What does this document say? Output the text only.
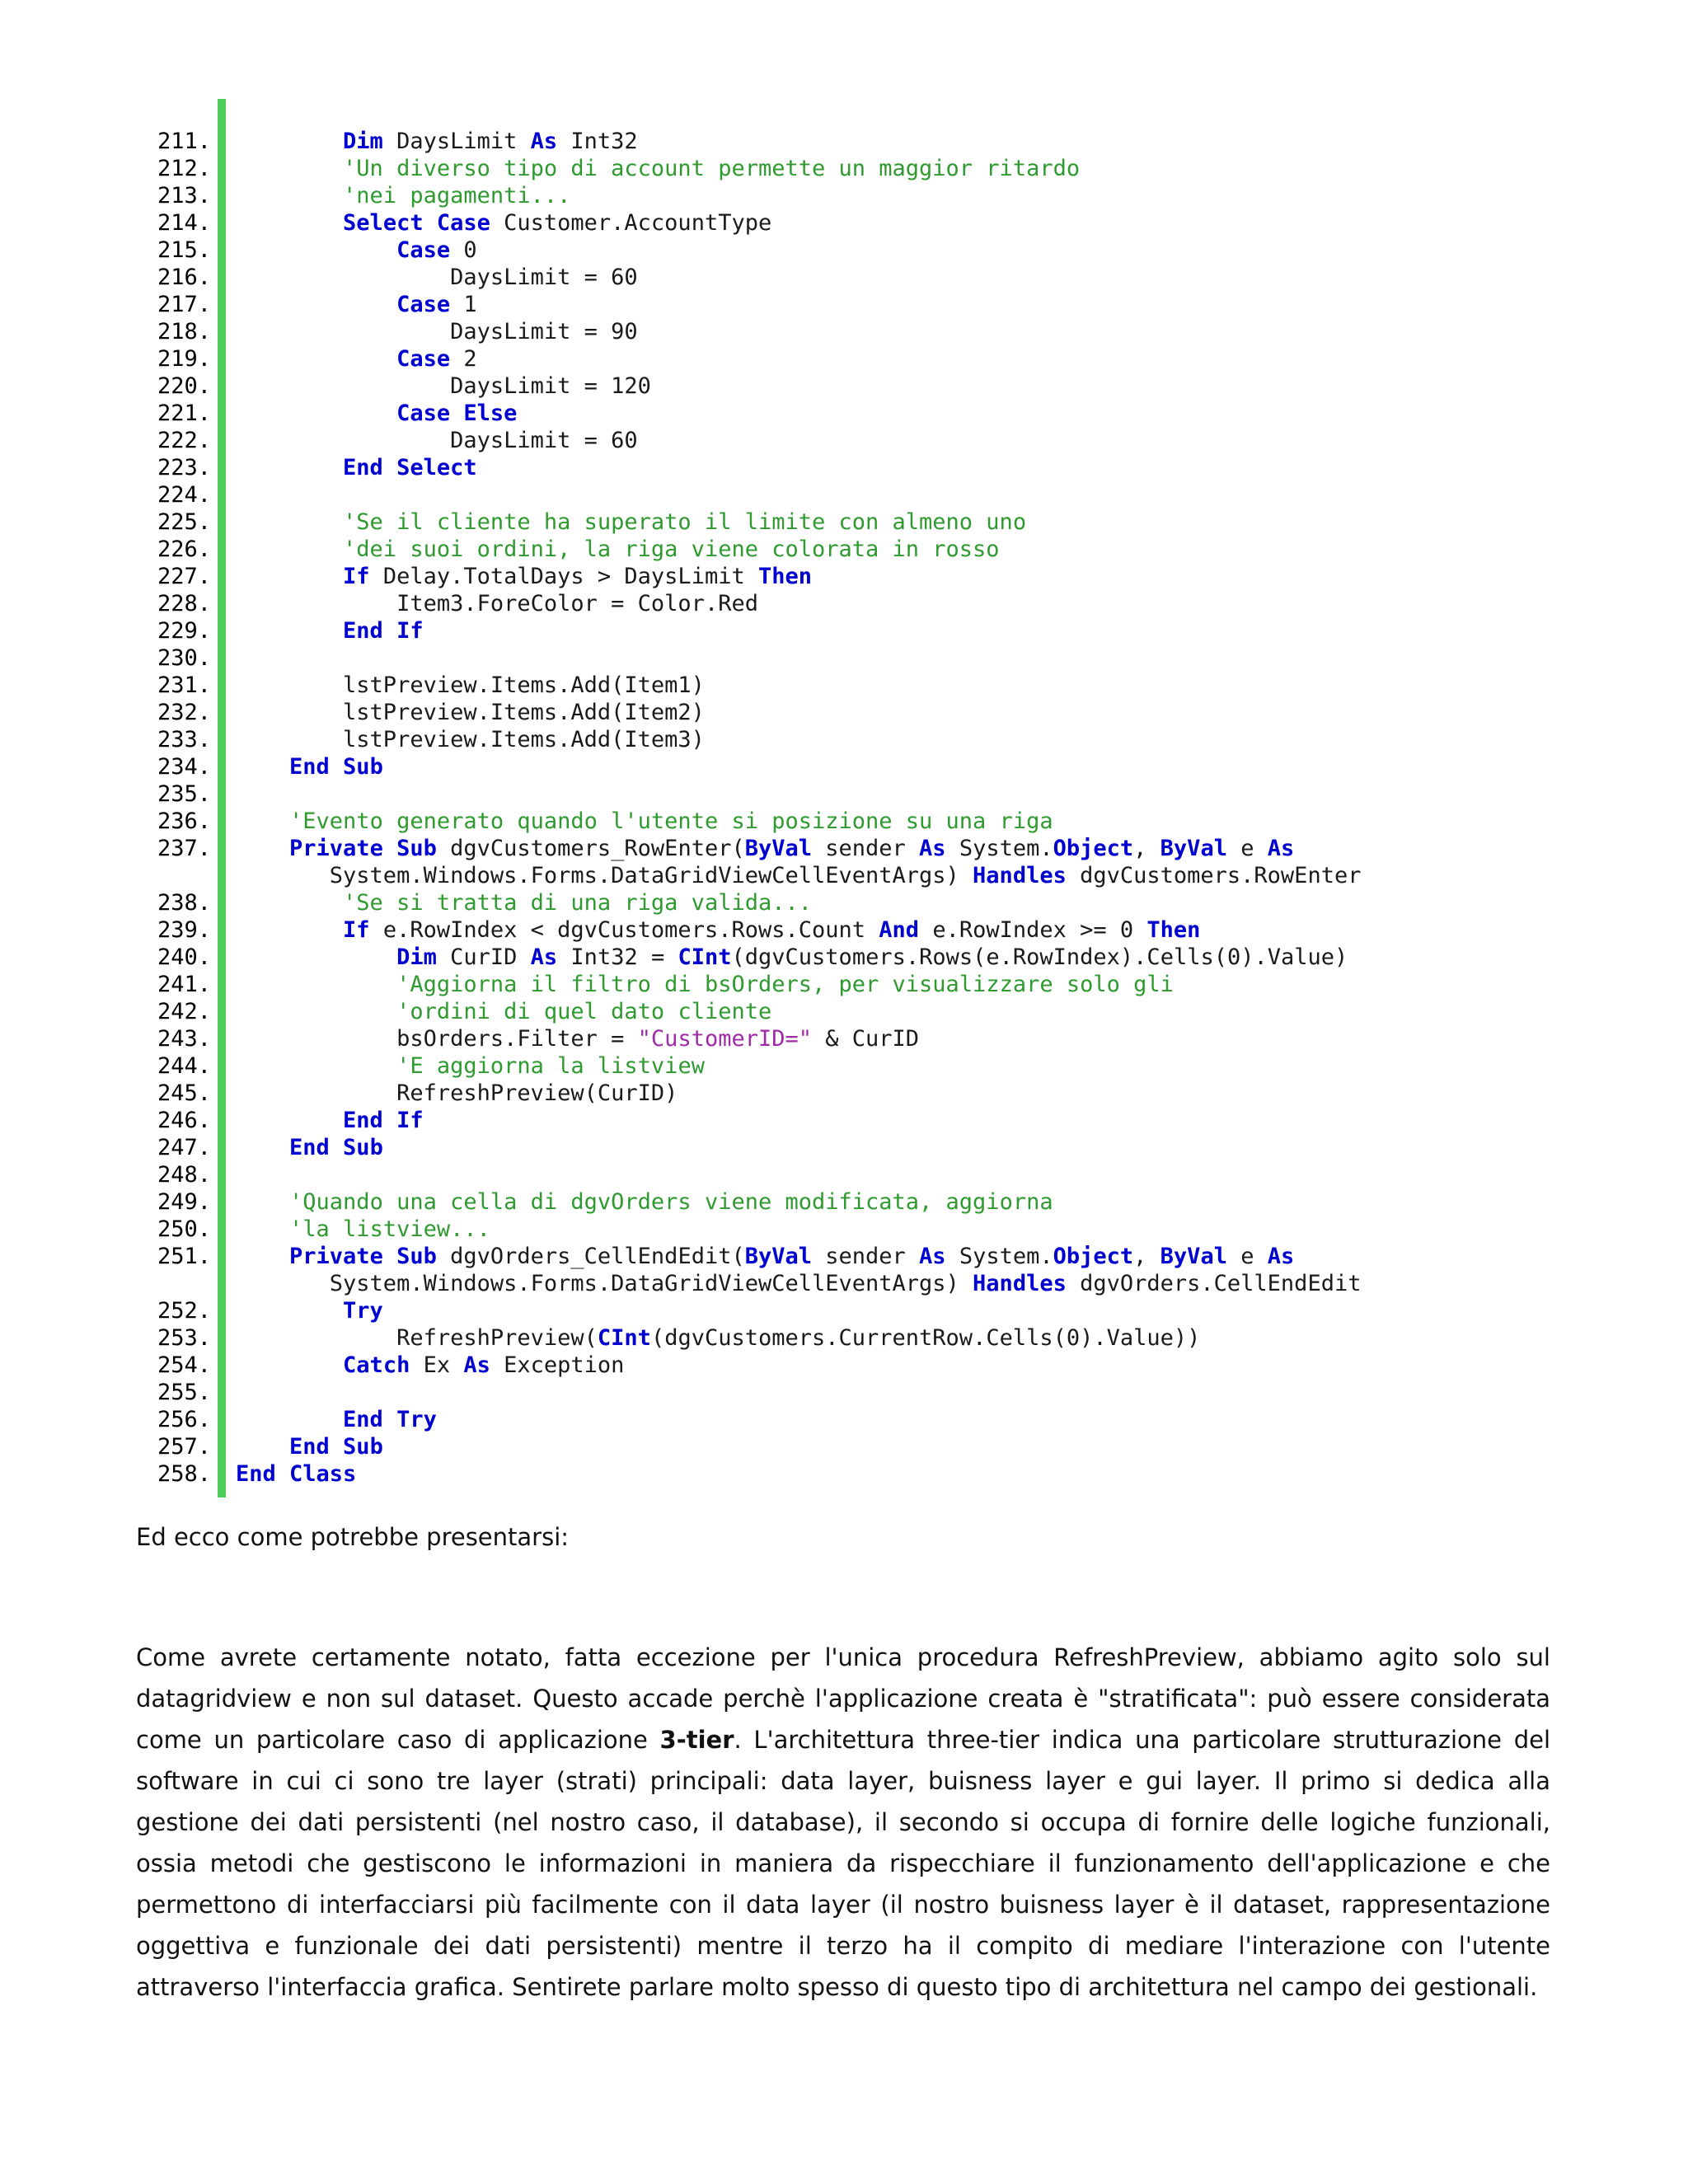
211.	Dim DaysLimit As Int32
212.	'Un diverso tipo di account permette un maggior ritardo
213.	'nei pagamenti...
214.	Select Case Customer.AccountType
215.	Case 0
216. DaysLimit = 60
217.	Case 1
218. DaysLimit = 90
219.	Case 2
220. DaysLimit = 120
221.	Case Else
222. DaysLimit = 60
223.	End Select
224.
225.	'Se il cliente ha superato il limite con almeno uno
226.	'dei suoi ordini, la riga viene colorata in rosso
227.	If Delay.TotalDays > DaysLimit Then
228. Item3.ForeColor = Color.Red
229.	End If
230.
231. lstPreview.Items.Add(Item1)
232. lstPreview.Items.Add(Item2)
233. lstPreview.Items.Add(Item3)
234.	End Sub
235.
236.	'Evento generato quando l'utente si posizione su una riga
237.	Private Sub dgvCustomers_RowEnter(ByVal sender As System.Object, ByVal e As
System.Windows.Forms.DataGridViewCellEventArgs) Handles dgvCustomers.RowEnter
238.	'Se si tratta di una riga valida...
239.	If e.RowIndex < dgvCustomers.Rows.Count And e.RowIndex >= 0 Then
240.	Dim CurID As Int32 = CInt(dgvCustomers.Rows(e.RowIndex).Cells(0).Value)
241.	'Aggiorna il filtro di bsOrders, per visualizzare solo gli
242.	'ordini di quel dato cliente
243. bsOrders.Filter = "CustomerID=" & CurID
244.	'E aggiorna la listview
245. RefreshPreview(CurID)
246.	End If
247.	End Sub
248.
249.	'Quando una cella di dgvOrders viene modificata, aggiorna
250.	'la listview...
251.	Private Sub dgvOrders_CellEndEdit(ByVal sender As System.Object, ByVal e As
System.Windows.Forms.DataGridViewCellEventArgs) Handles dgvOrders.CellEndEdit
252.	Try
253. RefreshPreview(CInt(dgvCustomers.CurrentRow.Cells(0).Value))
254.	Catch Ex As Exception
255.
256.	End Try
257.	End Sub
258. End Class
Ed ecco come potrebbe presentarsi:
Come avrete certamente notato, fatta eccezione per l'unica procedura RefreshPreview, abbiamo agito solo sul datagridview e non sul dataset. Questo accade perchè l'applicazione creata è "stratificata": può essere considerata come un particolare caso di applicazione 3-tier. L'architettura three-tier indica una particolare strutturazione del software in cui ci sono tre layer (strati) principali: data layer, buisness layer e gui layer. Il primo si dedica alla gestione dei dati persistenti (nel nostro caso, il database), il secondo si occupa di fornire delle logiche funzionali, ossia metodi che gestiscono le informazioni in maniera da rispecchiare il funzionamento dell'applicazione e che permettono di interfacciarsi più facilmente con il data layer (il nostro buisness layer è il dataset, rappresentazione oggettiva e funzionale dei dati persistenti) mentre il terzo ha il compito di mediare l'interazione con l'utente attraverso l'interfaccia grafica. Sentirete parlare molto spesso di questo tipo di architettura nel campo dei gestionali.
